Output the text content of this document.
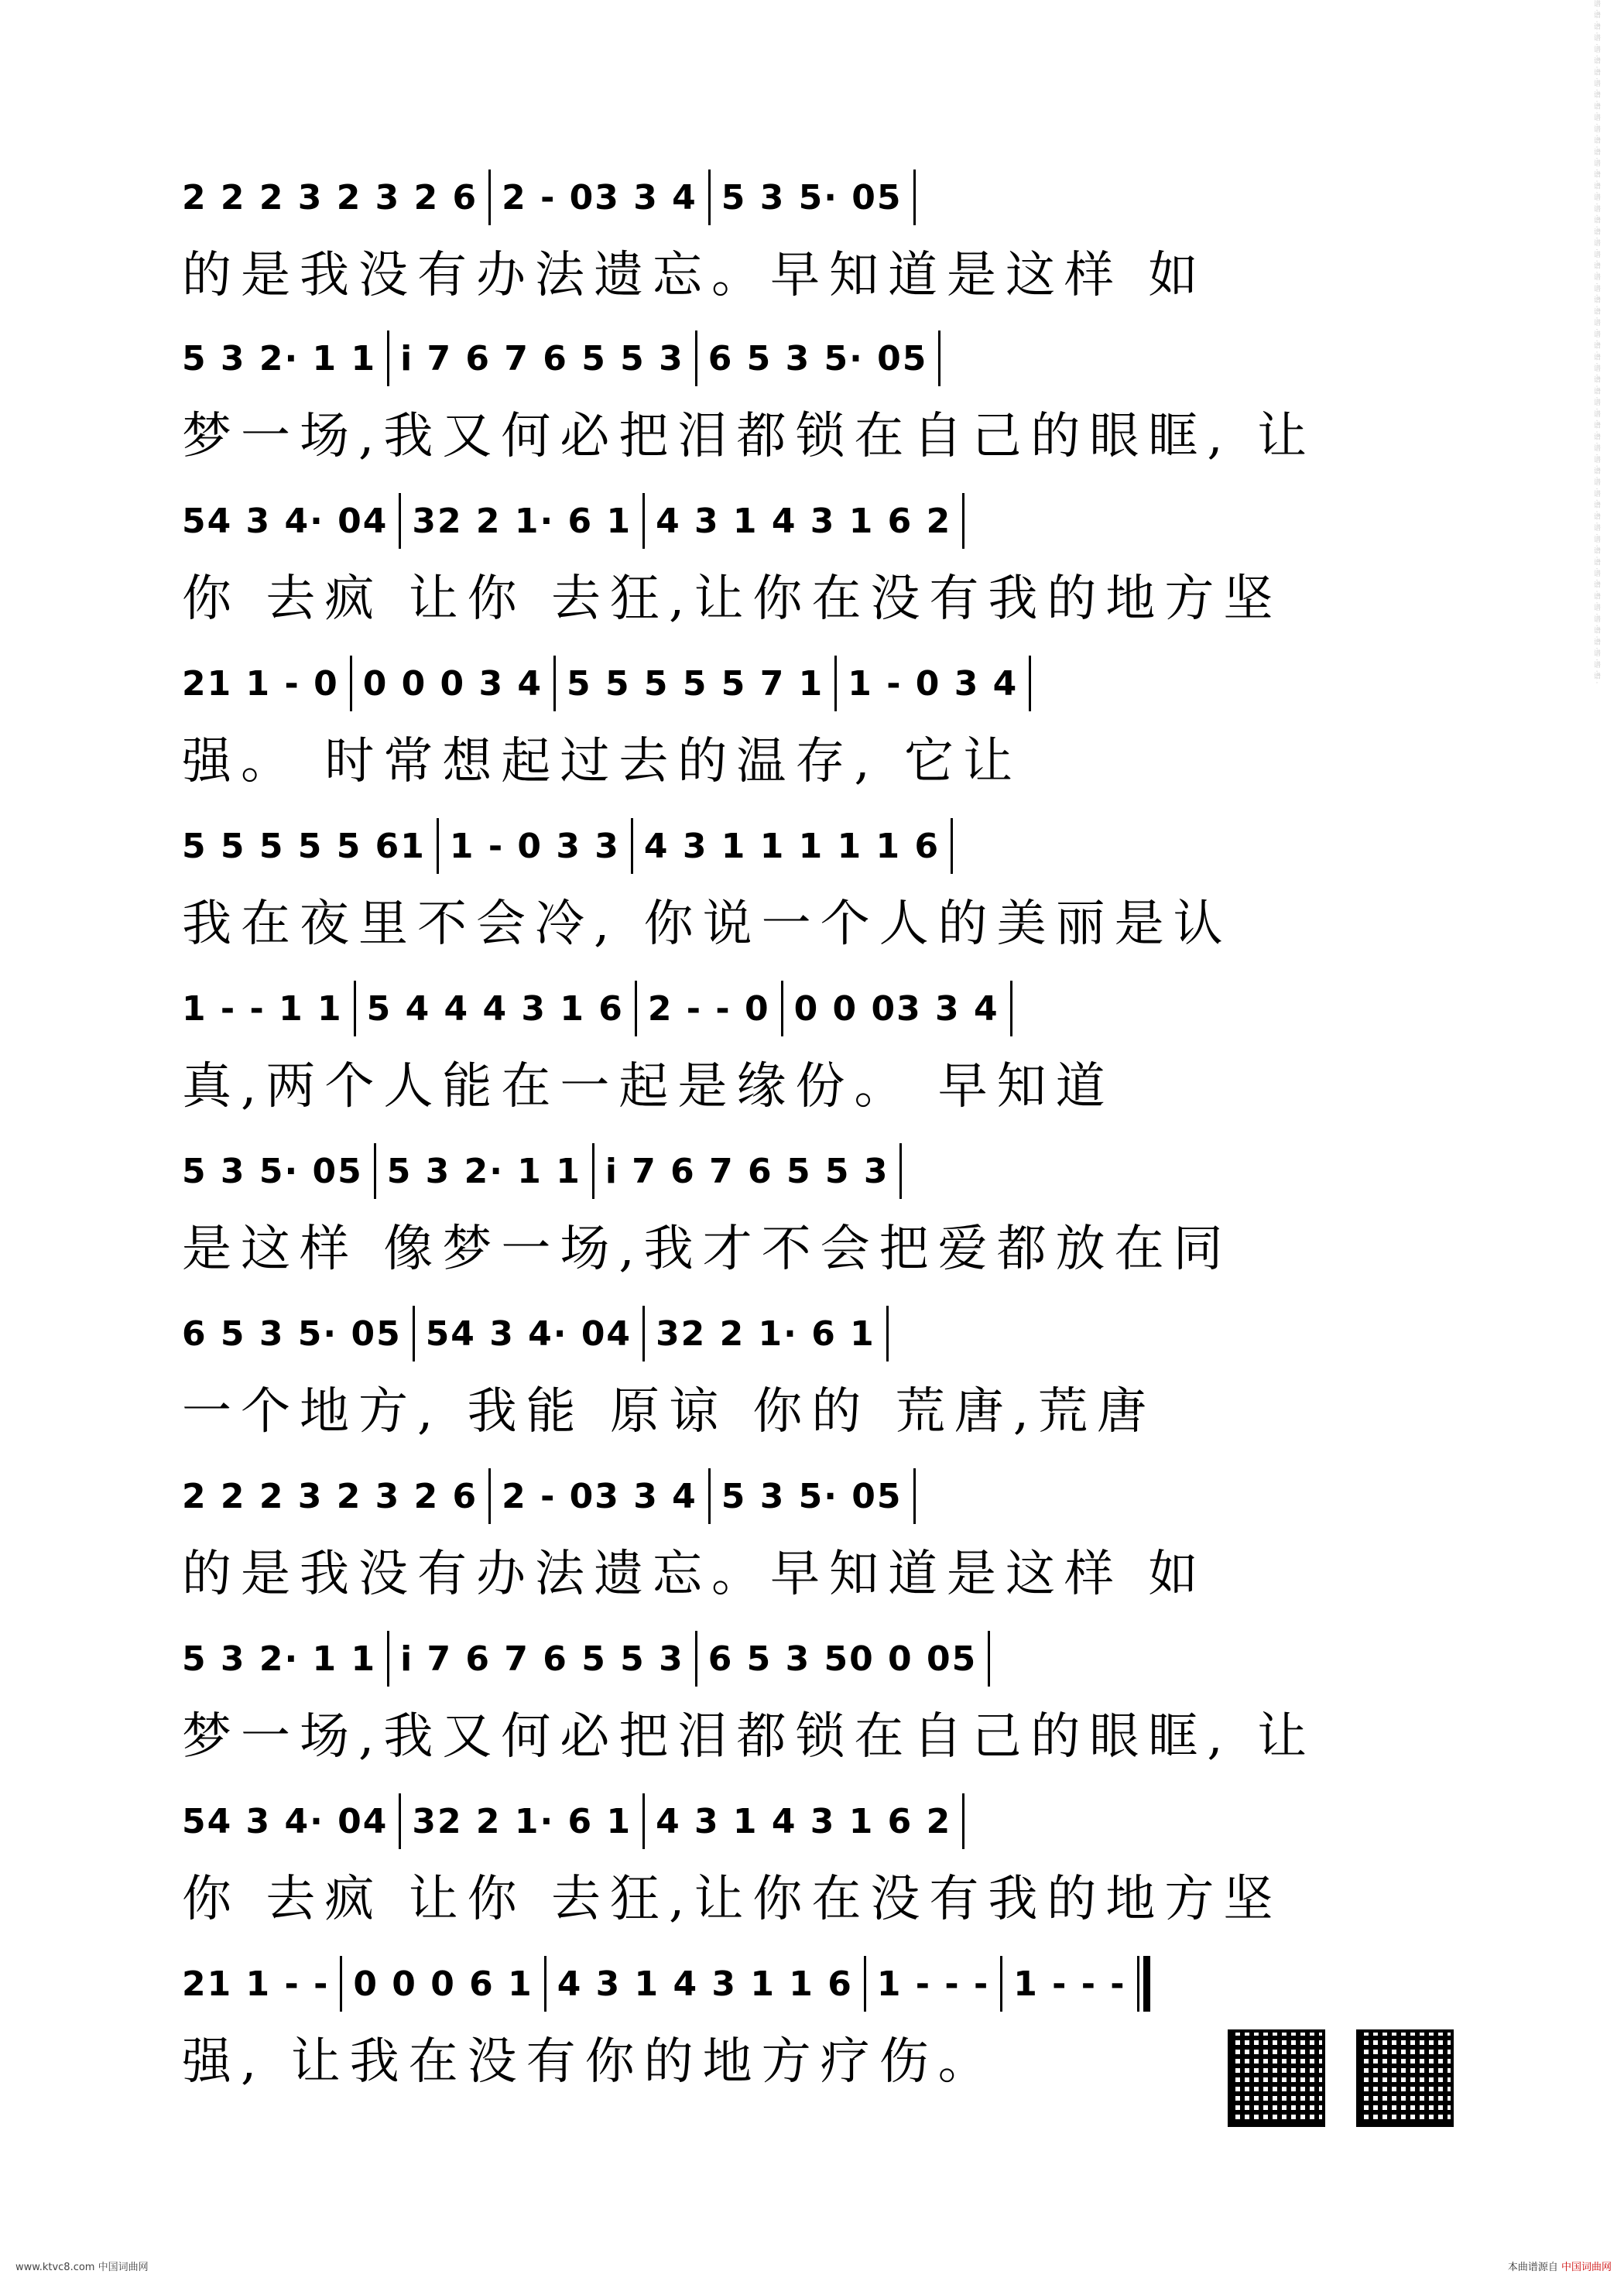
谱 ·谱 ·谱 ·谱 ·谱 ·谱 ·谱 ·谱 ·谱 ·谱 ·谱 ·谱 ·谱 ·谱 ·谱 ·谱 ·谱 ·谱 ·谱 ·谱 ·谱 ·谱 ·谱 ·谱 ·谱 ·谱 ·谱 ·谱 ·谱 ·谱 ·谱 ·谱 ·谱 ·谱 ·谱 ·谱 ·谱 ·谱 ·谱 ·谱 ·谱 ·谱 ·谱 ·谱 ·谱 ·谱 ·谱 ·谱 ·谱 ·谱 ·谱 ·谱 ·谱 ·谱 ·谱 ·谱 ·谱 ·谱 ·谱 ·谱 ·
2 2 2 3 2 3 2 6 2 - 03 3 4 5 3 5· 05
的是我没有办法遗忘。早知道是这样 如
5 3 2· 1 1 i 7 6 7 6 5 5 3 6 5 3 5· 05
梦一场,我又何必把泪都锁在自己的眼眶, 让
54 3 4· 04 32 2 1· 6 1 4 3 1 4 3 1 6 2
你 去疯 让你 去狂,让你在没有我的地方坚
21 1 - 0 0 0 0 3 4 5 5 5 5 5 7 1 1 - 0 3 4
强。 时常想起过去的温存, 它让
5 5 5 5 5 61 1 - 0 3 3 4 3 1 1 1 1 1 6
我在夜里不会冷, 你说一个人的美丽是认
1 - - 1 1 5 4 4 4 3 1 6 2 - - 0 0 0 03 3 4
真,两个人能在一起是缘份。 早知道
5 3 5· 05 5 3 2· 1 1 i 7 6 7 6 5 5 3
是这样 像梦一场,我才不会把爱都放在同
6 5 3 5· 05 54 3 4· 04 32 2 1· 6 1
一个地方, 我能 原谅 你的 荒唐,荒唐
2 2 2 3 2 3 2 6 2 - 03 3 4 5 3 5· 05
的是我没有办法遗忘。早知道是这样 如
5 3 2· 1 1 i 7 6 7 6 5 5 3 6 5 3 50 0 05
梦一场,我又何必把泪都锁在自己的眼眶, 让
54 3 4· 04 32 2 1· 6 1 4 3 1 4 3 1 6 2
你 去疯 让你 去狂,让你在没有我的地方坚
21 1 - - 0 0 0 6 1 4 3 1 4 3 1 1 6 1 - - - 1 - - -
强, 让我在没有你的地方疗伤。
www.ktvc8.com 中国词曲网	本曲谱源自 中国词曲网
